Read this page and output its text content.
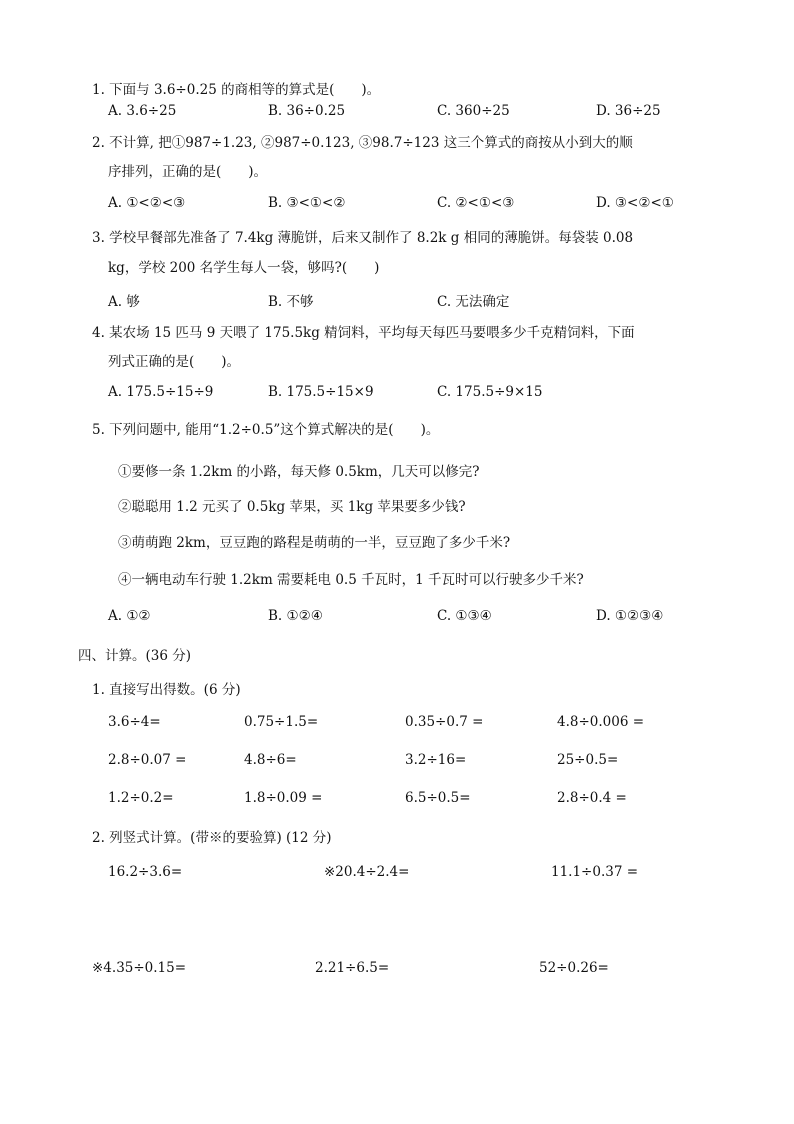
1. 下面与 3.6÷0.25 的商相等的算式是(　　)。
A. 3.6÷25	B. 36÷0.25	C. 360÷25	D. 36÷25
2. 不计算, 把①987÷1.23, ②987÷0.123, ③98.7÷123 这三个算式的商按从小到大的顺
序排列，正确的是(　　)。
A. ①<②<③	B. ③<①<②	C. ②<①<③	D. ③<②<①
3. 学校早餐部先准备了 7.4kg 薄脆饼，后来又制作了 8.2k g 相同的薄脆饼。每袋装 0.08
kg，学校 200 名学生每人一袋，够吗?(　　)
A. 够	B. 不够	C. 无法确定
4. 某农场 15 匹马 9 天喂了 175.5kg 精饲料，平均每天每匹马要喂多少千克精饲料，下面
列式正确的是(　　)。
A. 175.5÷15÷9	B. 175.5÷15×9	C. 175.5÷9×15
5. 下列问题中, 能用“1.2÷0.5”这个算式解决的是(　　)。
①要修一条 1.2km 的小路，每天修 0.5km，几天可以修完?
②聪聪用 1.2 元买了 0.5kg 苹果，买 1kg 苹果要多少钱?
③萌萌跑 2km，豆豆跑的路程是萌萌的一半，豆豆跑了多少千米?
④一辆电动车行驶 1.2km 需要耗电 0.5 千瓦时，1 千瓦时可以行驶多少千米?
A. ①②	B. ①②④	C. ①③④	D. ①②③④
四、计算。(36 分)
1. 直接写出得数。(6 分)
3.6÷4=	0.75÷1.5=	0.35÷0.7 =	4.8÷0.006 =
2.8÷0.07 =	4.8÷6=	3.2÷16=	25÷0.5=
1.2÷0.2=	1.8÷0.09 =	6.5÷0.5=	2.8÷0.4 =
2. 列竖式计算。(带※的要验算) (12 分)
16.2÷3.6=	※20.4÷2.4=	11.1÷0.37 =
※4.35÷0.15=	2.21÷6.5=	52÷0.26=
